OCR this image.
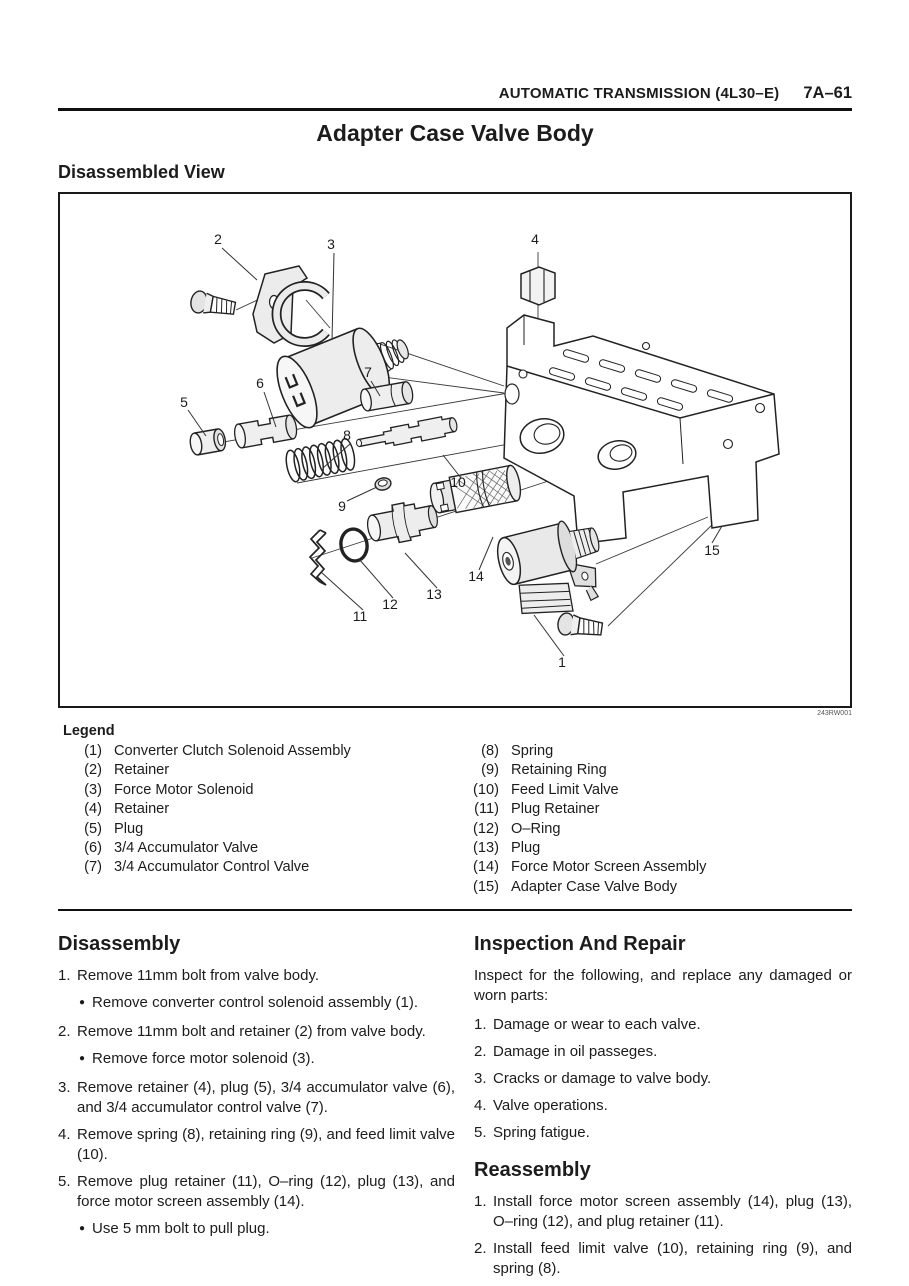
AUTOMATIC TRANSMISSION (4L30–E) 7A–61
Adapter Case Valve Body
Disassembled View
1
2	3	4
5
6
7
8
9
10
11
12
13
14
15
243RW001
Legend
(1) Converter Clutch Solenoid Assembly
(2) Retainer
(3) Force Motor Solenoid
(4) Retainer
(5) Plug
(6) 3/4 Accumulator Valve
(7) 3/4 Accumulator Control Valve
(8) Spring
(9) Retaining Ring
(10) Feed Limit Valve
(11) Plug Retainer
(12) O–Ring
(13) Plug
(14) Force Motor Screen Assembly
(15) Adapter Case Valve Body
Disassembly
1. Remove 11mm bolt from valve body.
●
Remove converter control solenoid assembly (1).
2. Remove 11mm bolt and retainer (2) from valve body.
●
Remove force motor solenoid (3).
3. Remove retainer (4), plug (5), 3/4 accumulator valve (6), and 3/4 accumulator control valve (7).
4. Remove spring (8), retaining ring (9), and feed limit valve (10).
5. Remove plug retainer (11), O–ring (12), plug (13), and force motor screen assembly (14).
●
Use 5 mm bolt to pull plug.
Inspection And Repair

Inspect for the following, and replace any damaged or worn parts:

1. Damage or wear to each valve.
2. Damage in oil passeges.
3. Cracks or damage to valve body.
4. Valve operations.
5. Spring fatigue.
Reassembly
1. Install force motor screen assembly (14), plug (13), O–ring (12), and plug retainer (11).
2. Install feed limit valve (10), retaining ring (9), and spring (8).
